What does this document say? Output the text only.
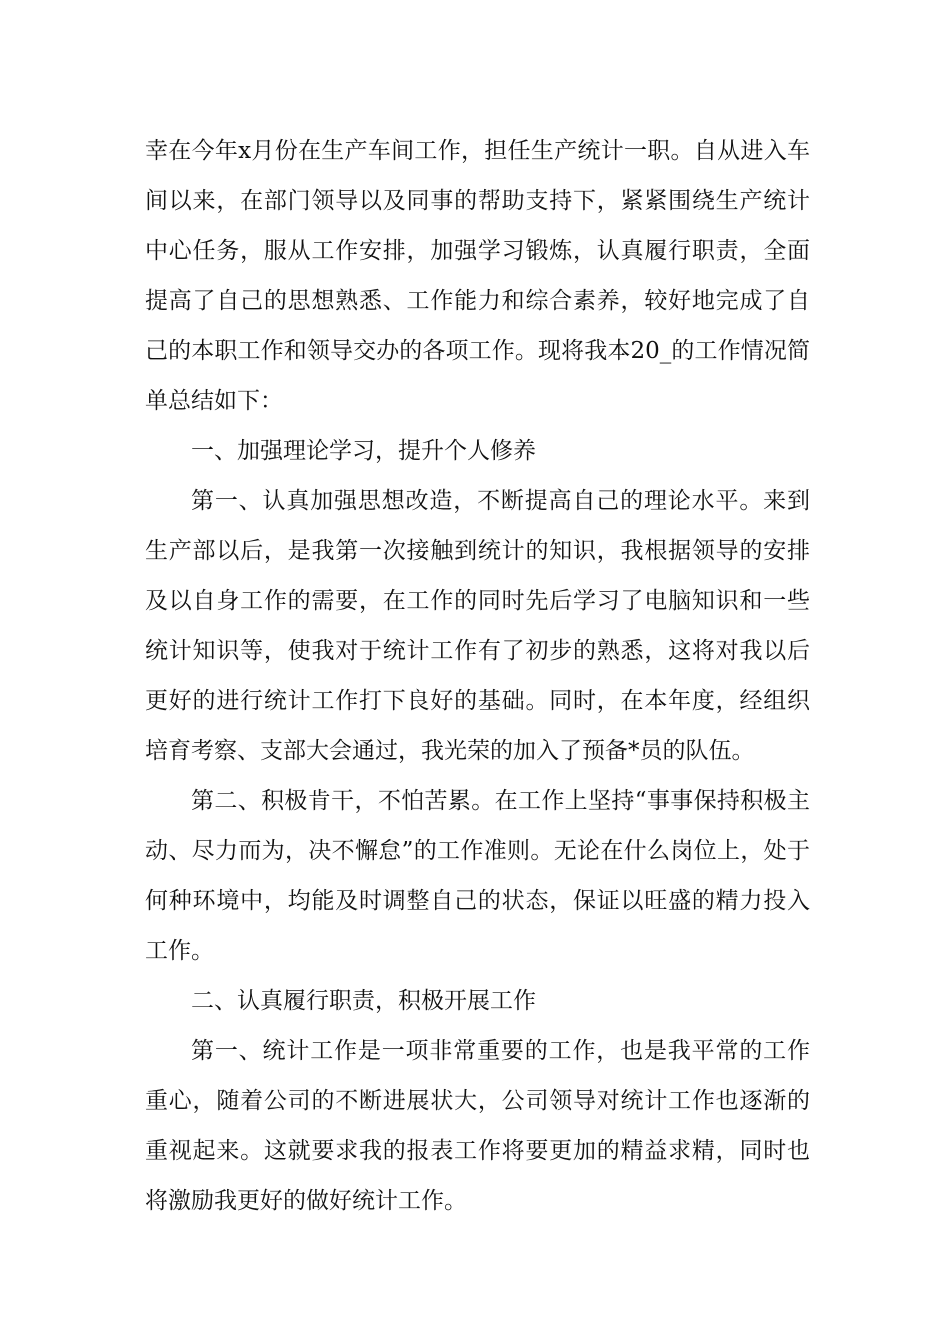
幸在今年x月份在生产车间工作，担任生产统计一职。自从进入车间以来，在部门领导以及同事的帮助支持下，紧紧围绕生产统计中心任务，服从工作安排，加强学习锻炼，认真履行职责，全面提高了自己的思想熟悉、工作能力和综合素养，较好地完成了自己的本职工作和领导交办的各项工作。现将我本20_的工作情况简单总结如下：

一、加强理论学习，提升个人修养

第一、认真加强思想改造，不断提高自己的理论水平。来到生产部以后，是我第一次接触到统计的知识，我根据领导的安排及以自身工作的需要，在工作的同时先后学习了电脑知识和一些统计知识等，使我对于统计工作有了初步的熟悉，这将对我以后更好的进行统计工作打下良好的基础。同时，在本年度，经组织培育考察、支部大会通过，我光荣的加入了预备*员的队伍。

第二、积极肯干，不怕苦累。在工作上坚持“事事保持积极主动、尽力而为，决不懈怠”的工作准则。无论在什么岗位上，处于何种环境中，均能及时调整自己的状态，保证以旺盛的精力投入工作。

二、认真履行职责，积极开展工作

第一、统计工作是一项非常重要的工作，也是我平常的工作重心，随着公司的不断进展状大，公司领导对统计工作也逐渐的重视起来。这就要求我的报表工作将要更加的精益求精，同时也将激励我更好的做好统计工作。
